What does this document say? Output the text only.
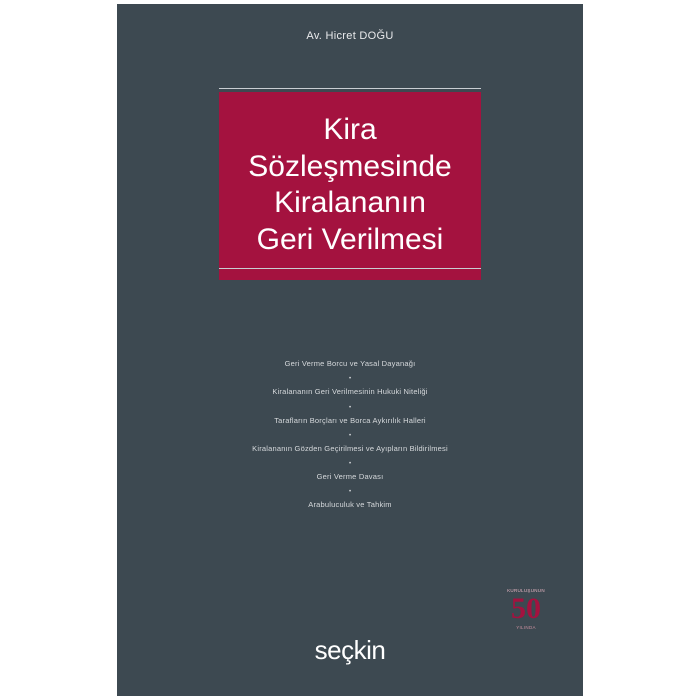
Av. Hicret DOĞU
Kira
Sözleşmesinde
Kiralananın
Geri Verilmesi
Geri Verme Borcu ve Yasal Dayanağı
•
Kiralananın Geri Verilmesinin Hukuki Niteliği
•
Tarafların Borçları ve Borca Aykırılık Halleri
•
Kiralananın Gözden Geçirilmesi ve Ayıpların Bildirilmesi
•
Geri Verme Davası
•
Arabuluculuk ve Tahkim
KURULUŞUNUN
50
YILINDA
seçkin
